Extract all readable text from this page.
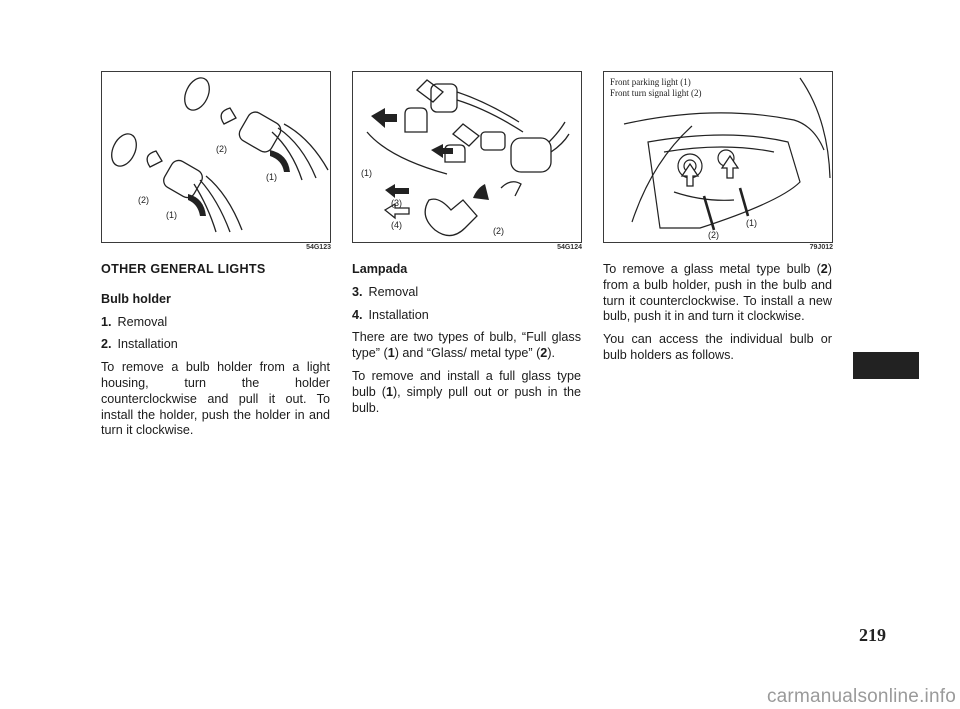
(2)
(1)
(2)
(1)
54G123
(1)
(3)
(4)
(2)
54G124
(2)
(1)
Front parking light (1)
Front turn signal light (2)
79J012
OTHER GENERAL LIGHTS
Bulb holder
1. Removal
2. Installation

To remove a bulb holder from a light housing, turn the holder counterclockwise and pull it out. To install the holder, push the holder in and turn it clockwise.

Lampada
3. Removal
4. Installation

There are two types of bulb, “Full glass type” (1) and “Glass/ metal type” (2).

To remove and install a full glass type bulb (1), simply pull out or push in the bulb.

To remove a glass metal type bulb (2) from a bulb holder, push in the bulb and turn it counterclockwise. To install a new bulb, push it in and turn it clockwise.

You can access the individual bulb or bulb holders as follows.

219
carmanualsonline.info
